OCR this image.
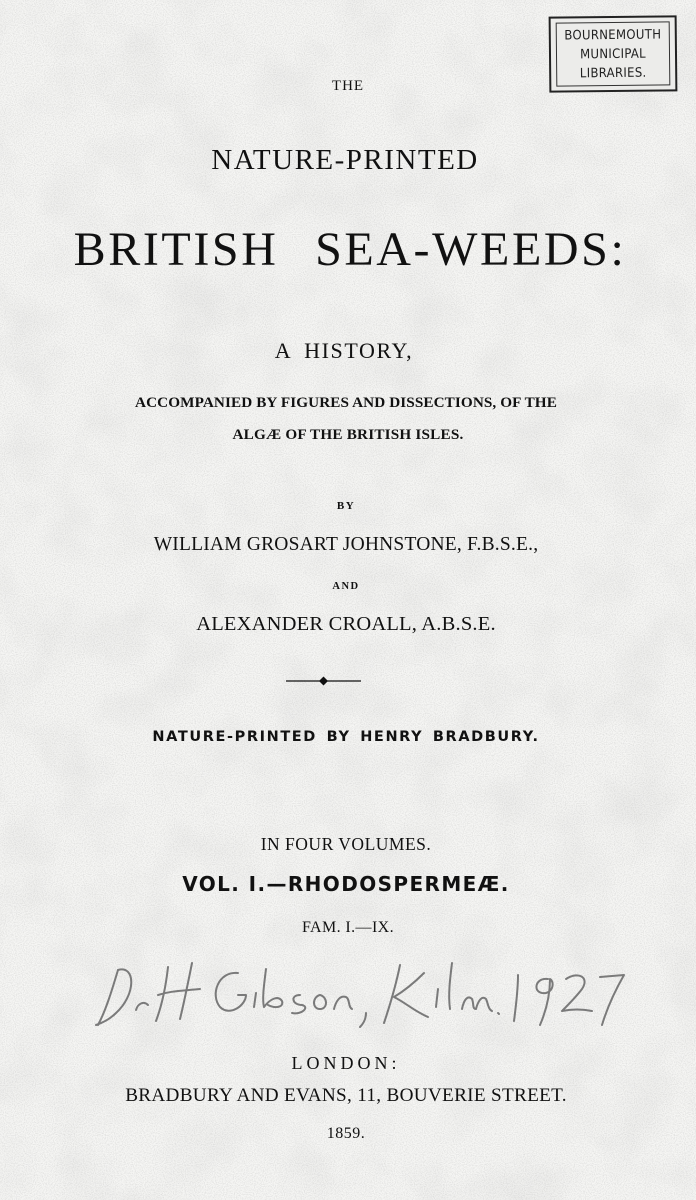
BOURNEMOUTH
MUNICIPAL
LIBRARIES.

THE

NATURE-PRINTED

BRITISH SEA-WEEDS:

A HISTORY,

ACCOMPANIED BY FIGURES AND DISSECTIONS, OF THE

ALGÆ OF THE BRITISH ISLES.

BY

WILLIAM GROSART JOHNSTONE, F.B.S.E.,

AND

ALEXANDER CROALL, A.B.S.E.

NATURE-PRINTED BY HENRY BRADBURY.

IN FOUR VOLUMES.

VOL. I.—RHODOSPERMEÆ.

FAM. I.—IX.

LONDON:

BRADBURY AND EVANS, 11, BOUVERIE STREET.

1859.
